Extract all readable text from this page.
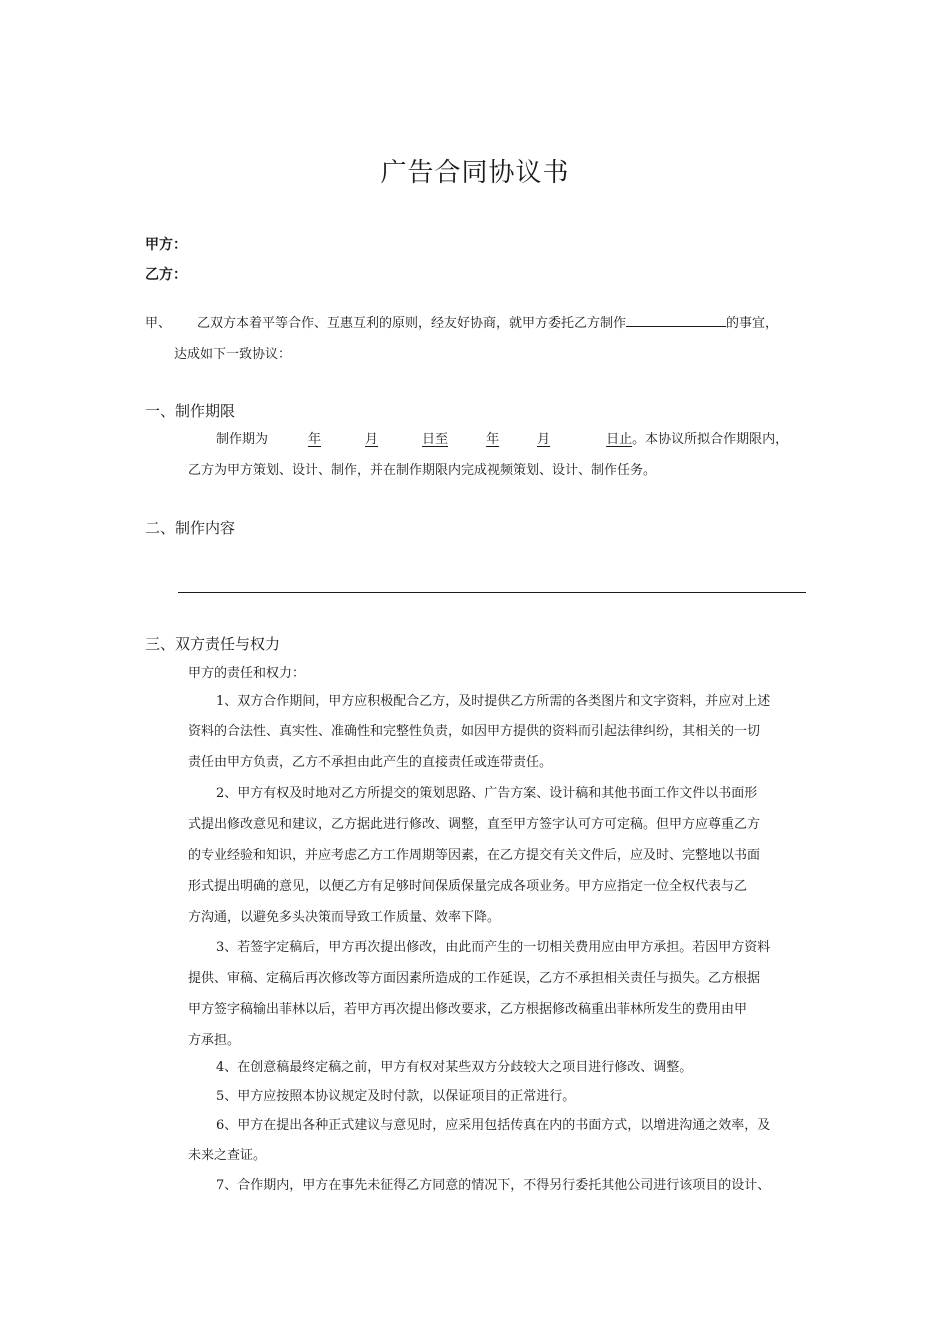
广告合同协议书
甲方：
乙方：
甲、 乙双方本着平等合作、互惠互利的原则，经友好协商，就甲方委托乙方制作	的事宜，
达成如下一致协议：
一、制作期限
制作期为	年	月	日至	年	月	日止。本协议所拟合作期限内，
乙方为甲方策划、设计、制作，并在制作期限内完成视频策划、设计、制作任务。
二、制作内容
三、双方责任与权力
甲方的责任和权力：
1、双方合作期间，甲方应积极配合乙方，及时提供乙方所需的各类图片和文字资料，并应对上述
资料的合法性、真实性、准确性和完整性负责，如因甲方提供的资料而引起法律纠纷，其相关的一切
责任由甲方负责，乙方不承担由此产生的直接责任或连带责任。
2、甲方有权及时地对乙方所提交的策划思路、广告方案、设计稿和其他书面工作文件以书面形
式提出修改意见和建议，乙方据此进行修改、调整，直至甲方签字认可方可定稿。但甲方应尊重乙方
的专业经验和知识，并应考虑乙方工作周期等因素，在乙方提交有关文件后，应及时、完整地以书面
形式提出明确的意见，以便乙方有足够时间保质保量完成各项业务。甲方应指定一位全权代表与乙
方沟通，以避免多头决策而导致工作质量、效率下降。
3、若签字定稿后，甲方再次提出修改，由此而产生的一切相关费用应由甲方承担。若因甲方资料
提供、审稿、定稿后再次修改等方面因素所造成的工作延误，乙方不承担相关责任与损失。乙方根据
甲方签字稿输出菲林以后，若甲方再次提出修改要求，乙方根据修改稿重出菲林所发生的费用由甲
方承担。
4、在创意稿最终定稿之前，甲方有权对某些双方分歧较大之项目进行修改、调整。
5、甲方应按照本协议规定及时付款，以保证项目的正常进行。
6、甲方在提出各种正式建议与意见时，应采用包括传真在内的书面方式，以增进沟通之效率，及
未来之查证。
7、合作期内，甲方在事先未征得乙方同意的情况下，不得另行委托其他公司进行该项目的设计、
